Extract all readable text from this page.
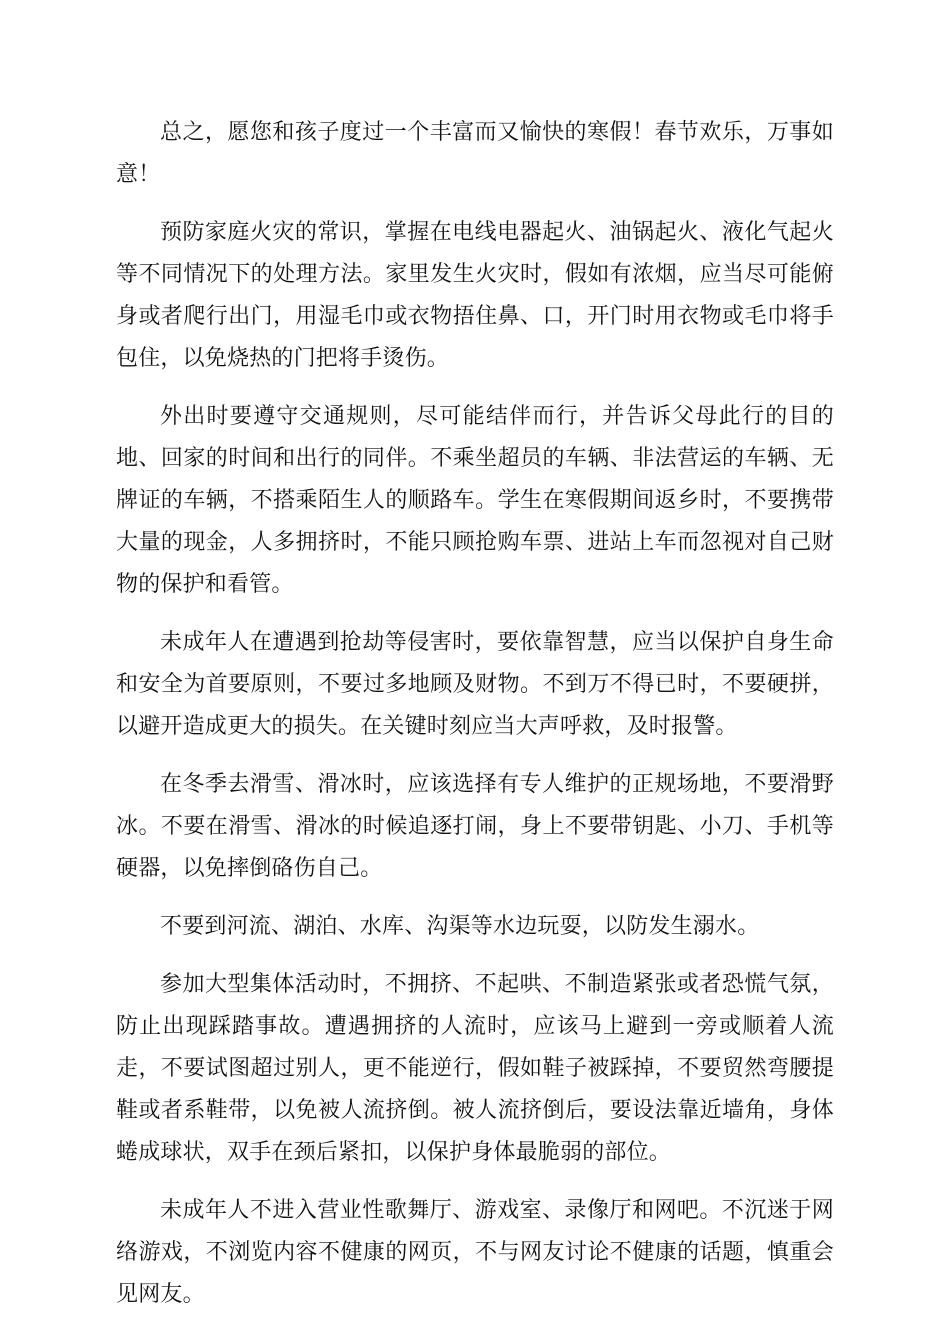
总之，愿您和孩子度过一个丰富而又愉快的寒假！春节欢乐，万事如意！

预防家庭火灾的常识，掌握在电线电器起火、油锅起火、液化气起火等不同情况下的处理方法。家里发生火灾时，假如有浓烟，应当尽可能俯身或者爬行出门，用湿毛巾或衣物捂住鼻、口，开门时用衣物或毛巾将手包住，以免烧热的门把将手烫伤。

外出时要遵守交通规则，尽可能结伴而行，并告诉父母此行的目的地、回家的时间和出行的同伴。不乘坐超员的车辆、非法营运的车辆、无牌证的车辆，不搭乘陌生人的顺路车。学生在寒假期间返乡时，不要携带大量的现金，人多拥挤时，不能只顾抢购车票、进站上车而忽视对自己财物的保护和看管。

未成年人在遭遇到抢劫等侵害时，要依靠智慧，应当以保护自身生命和安全为首要原则，不要过多地顾及财物。不到万不得已时，不要硬拼，以避开造成更大的损失。在关键时刻应当大声呼救，及时报警。

在冬季去滑雪、滑冰时，应该选择有专人维护的正规场地，不要滑野冰。不要在滑雪、滑冰的时候追逐打闹，身上不要带钥匙、小刀、手机等硬器，以免摔倒硌伤自己。

不要到河流、湖泊、水库、沟渠等水边玩耍，以防发生溺水。

参加大型集体活动时，不拥挤、不起哄、不制造紧张或者恐慌气氛，防止出现踩踏事故。遭遇拥挤的人流时，应该马上避到一旁或顺着人流走，不要试图超过别人，更不能逆行，假如鞋子被踩掉，不要贸然弯腰提鞋或者系鞋带，以免被人流挤倒。被人流挤倒后，要设法靠近墙角，身体蜷成球状，双手在颈后紧扣，以保护身体最脆弱的部位。

未成年人不进入营业性歌舞厅、游戏室、录像厅和网吧。不沉迷于网络游戏，不浏览内容不健康的网页，不与网友讨论不健康的话题，慎重会见网友。
